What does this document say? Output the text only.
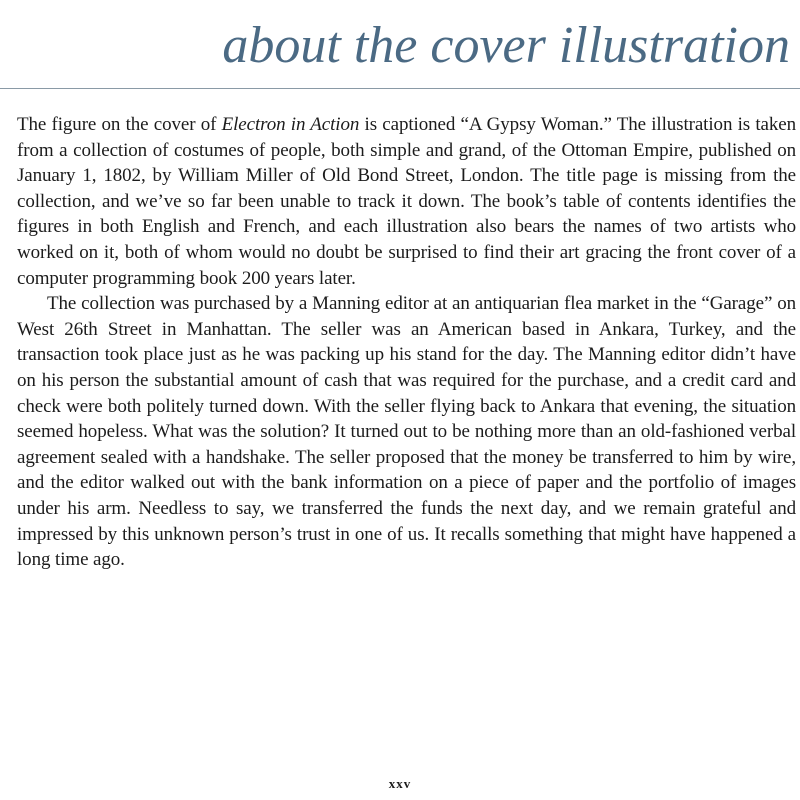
about the cover illustration

The figure on the cover of Electron in Action is captioned “A Gypsy Woman.” The illustration is taken from a collection of costumes of people, both simple and grand, of the Ottoman Empire, published on January 1, 1802, by William Miller of Old Bond Street, London. The title page is missing from the collection, and we’ve so far been unable to track it down. The book’s table of contents identifies the figures in both English and French, and each illustration also bears the names of two artists who worked on it, both of whom would no doubt be surprised to find their art gracing the front cover of a computer programming book 200 years later.

The collection was purchased by a Manning editor at an antiquarian flea market in the “Garage” on West 26th Street in Manhattan. The seller was an American based in Ankara, Turkey, and the transaction took place just as he was packing up his stand for the day. The Manning editor didn’t have on his person the substantial amount of cash that was required for the purchase, and a credit card and check were both politely turned down. With the seller flying back to Ankara that evening, the situation seemed hopeless. What was the solution? It turned out to be nothing more than an old-fashioned verbal agreement sealed with a handshake. The seller proposed that the money be transferred to him by wire, and the editor walked out with the bank information on a piece of paper and the portfolio of images under his arm. Needless to say, we transferred the funds the next day, and we remain grateful and impressed by this unknown person’s trust in one of us. It recalls something that might have happened a long time ago.

xxv
